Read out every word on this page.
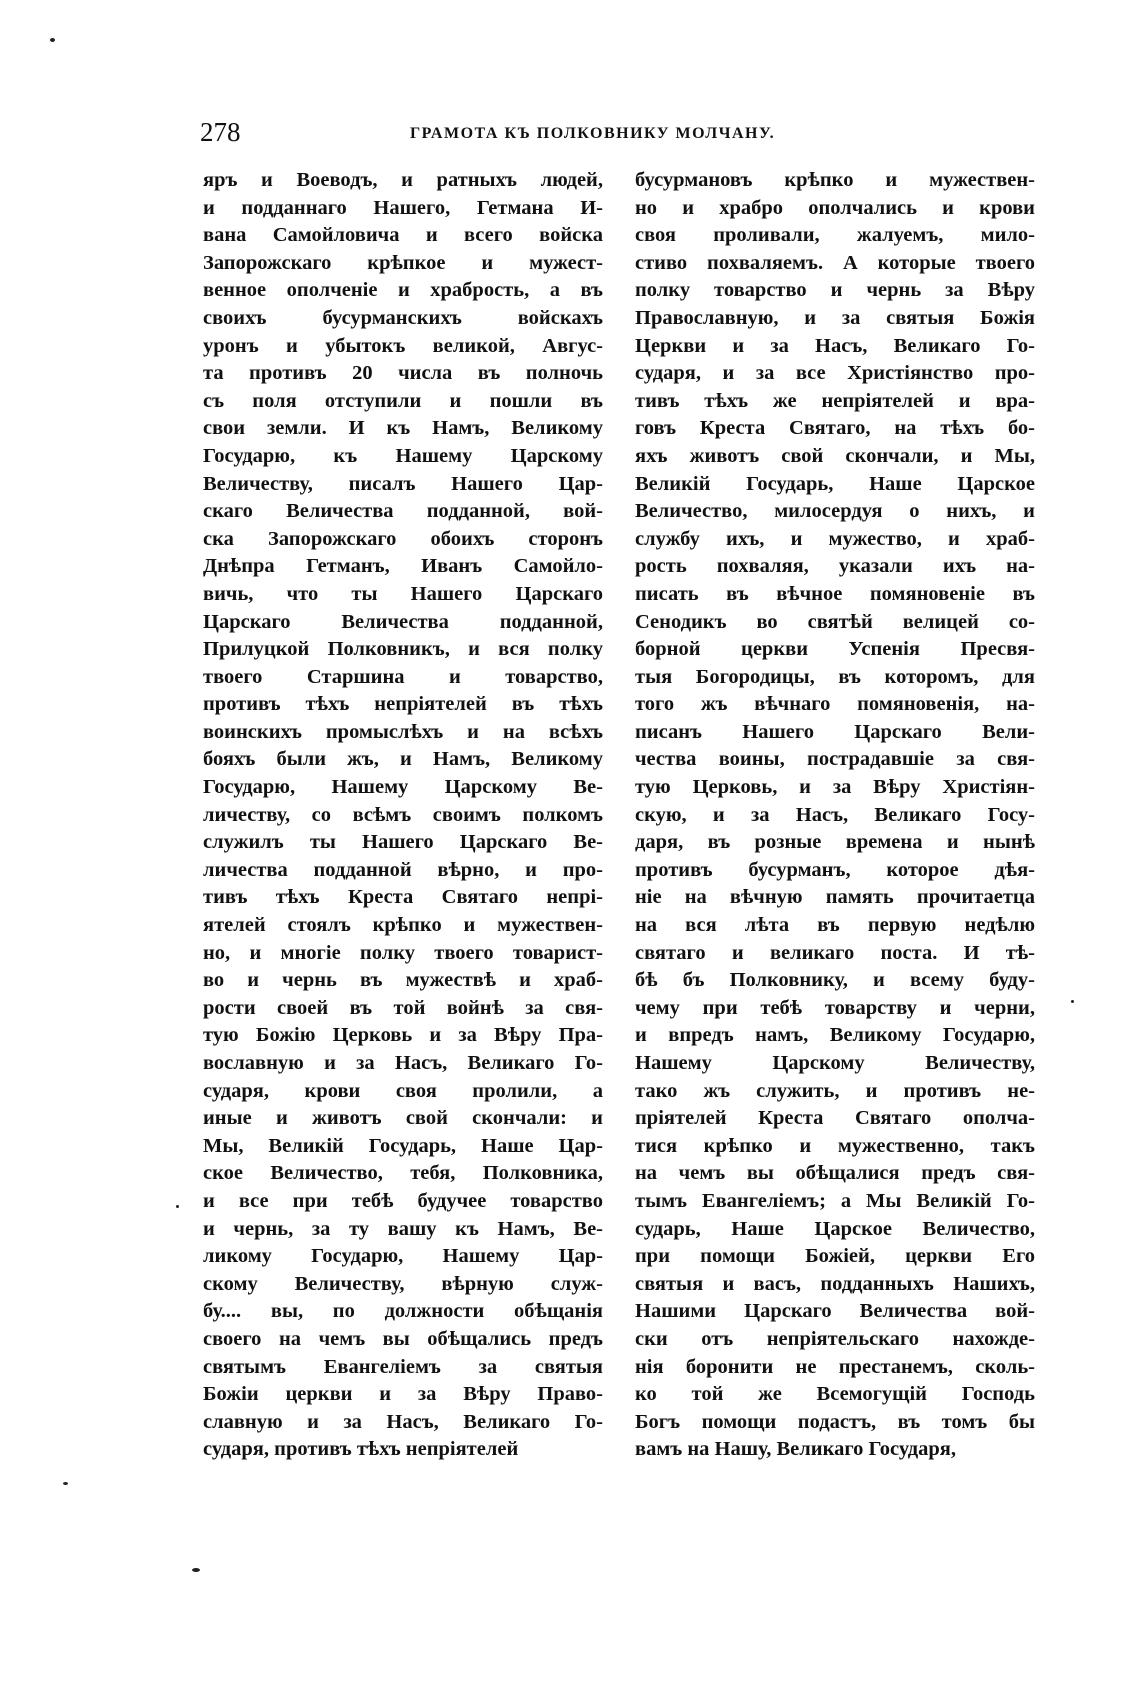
278	ГРАМОТА КЪ ПОЛКОВНИКУ МОЛЧАНУ.
яръ и Воеводъ, и ратныхъ людей,
и подданнаго Нашего, Гетмана И-
вана Самойловича и всего войска
Запорожскаго крѣпкое и мужест-
венное ополченіе и храбрость, а въ
своихъ бусурманскихъ войскахъ
уронъ и убытокъ великой, Авгус-
та противъ 20 числа въ полночь
съ поля отступили и пошли въ
свои земли. И къ Намъ, Великому
Государю, къ Нашему Царскому
Величеству, писалъ Нашего Цар-
скаго Величества подданной, вой-
ска Запорожскаго обоихъ сторонъ
Днѣпра Гетманъ, Иванъ Самойло-
вичь, что ты Нашего Царскаго
Царскаго Величества подданной,
Прилуцкой Полковникъ, и вся полку
твоего Старшина и товарство,
противъ тѣхъ непріятелей въ тѣхъ
воинскихъ промыслѣхъ и на всѣхъ
бояхъ были жъ, и Намъ, Великому
Государю, Нашему Царскому Ве-
личеству, со всѣмъ своимъ полкомъ
служилъ ты Нашего Царскаго Ве-
личества подданной вѣрно, и про-
тивъ тѣхъ Креста Святаго непрі-
ятелей стоялъ крѣпко и мужествен-
но, и многіе полку твоего товарист-
во и чернь въ мужествѣ и храб-
рости своей въ той войнѣ за свя-
тую Божію Церковь и за Вѣру Пра-
вославную и за Насъ, Великаго Го-
сударя, крови своя пролили, а
иные и животъ свой скончали: и
Мы, Великій Государь, Наше Цар-
ское Величество, тебя, Полковника,
и все при тебѣ будучее товарство
и чернь, за ту вашу къ Намъ, Ве-
ликому Государю, Нашему Цар-
скому Величеству, вѣрную служ-
бу.... вы, по должности обѣщанія
своего на чемъ вы обѣщались предъ
святымъ Евангеліемъ за святыя
Божіи церкви и за Вѣру Право-
славную и за Насъ, Великаго Го-
сударя, противъ тѣхъ непріятелей
бусурмановъ крѣпко и мужествен-
но и храбро ополчались и крови
своя проливали, жалуемъ, мило-
стиво похваляемъ. А которые твоего
полку товарство и чернь за Вѣру
Православную, и за святыя Божія
Церкви и за Насъ, Великаго Го-
сударя, и за все Христіянство про-
тивъ тѣхъ же непріятелей и вра-
говъ Креста Святаго, на тѣхъ бо-
яхъ животъ свой скончали, и Мы,
Великій Государь, Наше Царское
Величество, милосердуя о нихъ, и
службу ихъ, и мужество, и храб-
рость похваляя, указали ихъ на-
писать въ вѣчное помяновеніе въ
Сенодикъ во святѣй велицей со-
борной церкви Успенія Пресвя-
тыя Богородицы, въ которомъ, для
того жъ вѣчнаго помяновенія, на-
писанъ Нашего Царскаго Вели-
чества воины, пострадавшіе за свя-
тую Церковь, и за Вѣру Христіян-
скую, и за Насъ, Великаго Госу-
даря, въ розные времена и нынѣ
противъ бусурманъ, которое дѣя-
ніе на вѣчную память прочитаетца
на вся лѣта въ первую недѣлю
святаго и великаго поста. И тѣ-
бѣ бъ Полковнику, и всему буду-
чему при тебѣ товарству и черни,
и впредъ намъ, Великому Государю,
Нашему Царскому Величеству,
тако жъ служить, и противъ не-
пріятелей Креста Святаго ополча-
тися крѣпко и мужественно, такъ
на чемъ вы обѣщалися предъ свя-
тымъ Евангеліемъ; а Мы Великій Го-
сударь, Наше Царское Величество,
при помощи Божіей, церкви Его
святыя и васъ, подданныхъ Нашихъ,
Нашими Царскаго Величества вой-
ски отъ непріятельскаго нахожде-
нія боронити не престанемъ, сколь-
ко той же Всемогущій Господь
Богъ помощи подастъ, въ томъ бы
вамъ на Нашу, Великаго Государя,
